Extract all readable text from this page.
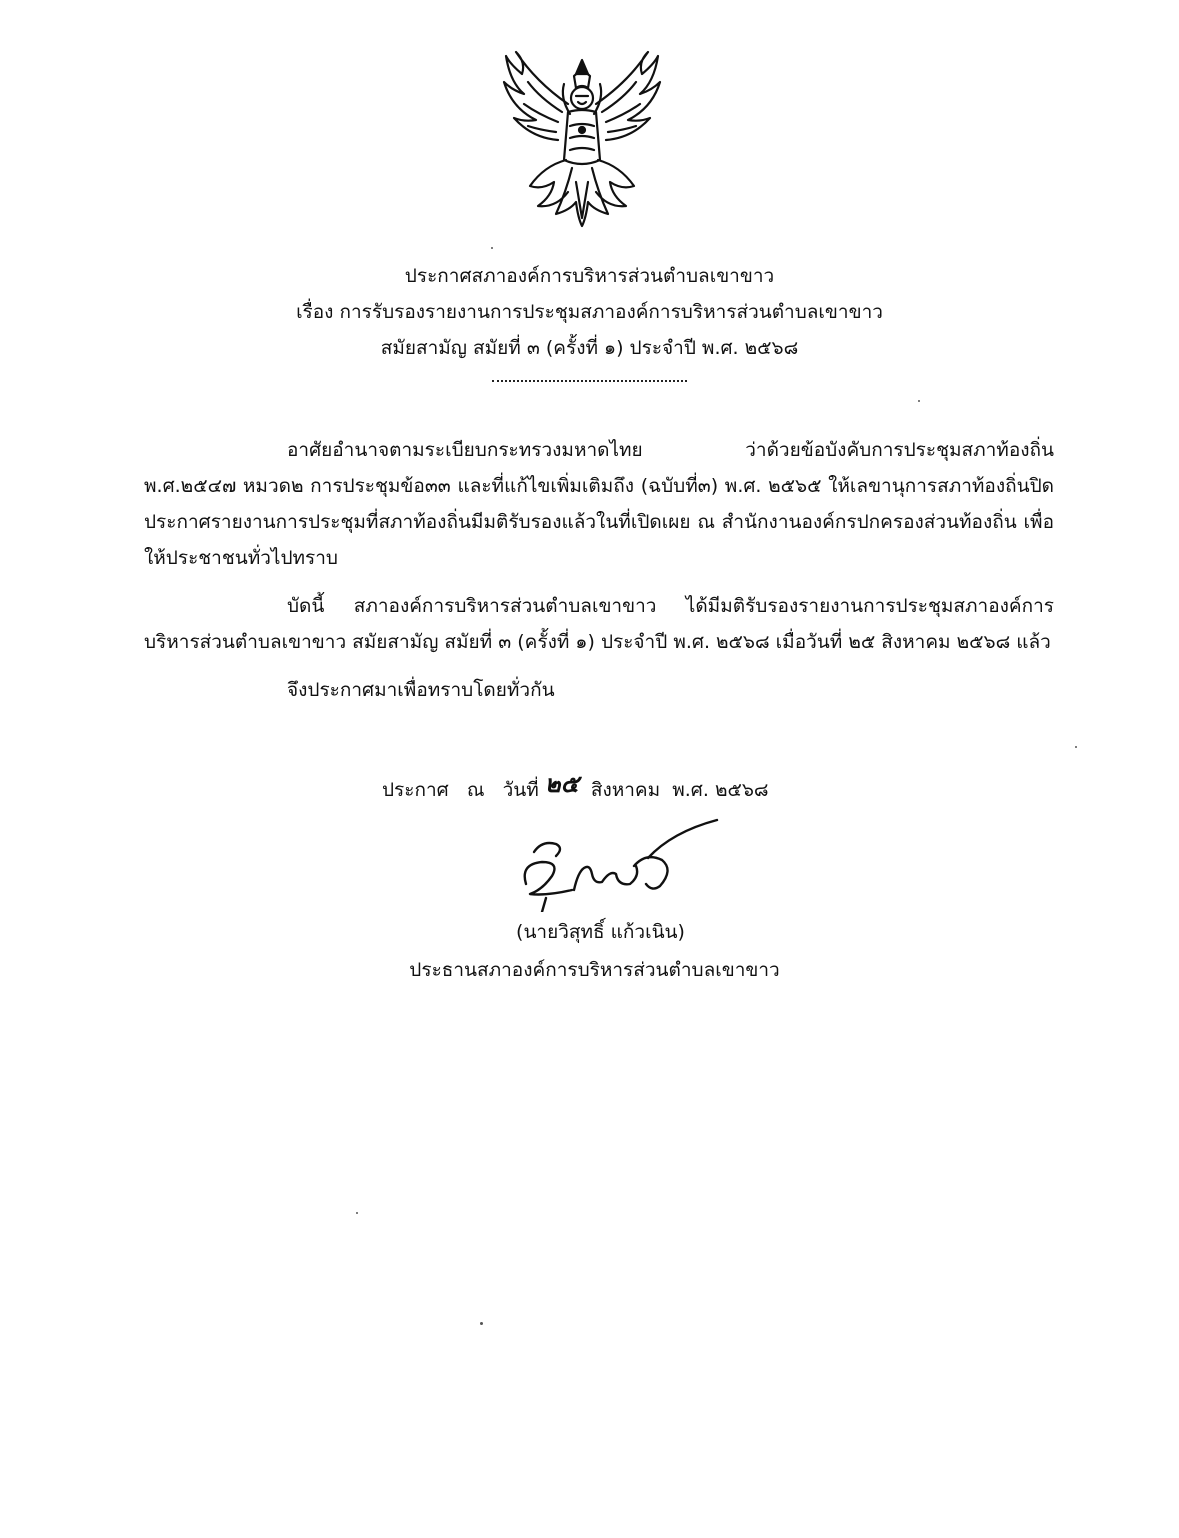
ประกาศสภาองค์การบริหารส่วนตำบลเขาขาว
เรื่อง การรับรองรายงานการประชุมสภาองค์การบริหารส่วนตำบลเขาขาว
สมัยสามัญ สมัยที่ ๓ (ครั้งที่ ๑) ประจำปี พ.ศ. ๒๕๖๘

อาศัยอำนาจตามระเบียบกระทรวงมหาดไทย ว่าด้วยข้อบังคับการประชุมสภาท้องถิ่น พ.ศ.๒๕๔๗ หมวด๒ การประชุมข้อ๓๓ และที่แก้ไขเพิ่มเติมถึง (ฉบับที่๓) พ.ศ. ๒๕๖๕ ให้เลขานุการสภาท้องถิ่นปิดประกาศรายงานการประชุมที่สภาท้องถิ่นมีมติรับรองแล้วในที่เปิดเผย ณ สำนักงานองค์กรปกครองส่วนท้องถิ่น เพื่อให้ประชาชนทั่วไปทราบ

บัดนี้ สภาองค์การบริหารส่วนตำบลเขาขาว ได้มีมติรับรองรายงานการประชุมสภาองค์การบริหารส่วนตำบลเขาขาว สมัยสามัญ สมัยที่ ๓ (ครั้งที่ ๑) ประจำปี พ.ศ. ๒๕๖๘ เมื่อวันที่ ๒๕ สิงหาคม ๒๕๖๘ แล้ว

จึงประกาศมาเพื่อทราบโดยทั่วกัน

ประกาศ   ณ   วันที่ ๒๕  สิงหาคม  พ.ศ. ๒๕๖๘
(นายวิสุทธิ์ แก้วเนิน)
ประธานสภาองค์การบริหารส่วนตำบลเขาขาว
